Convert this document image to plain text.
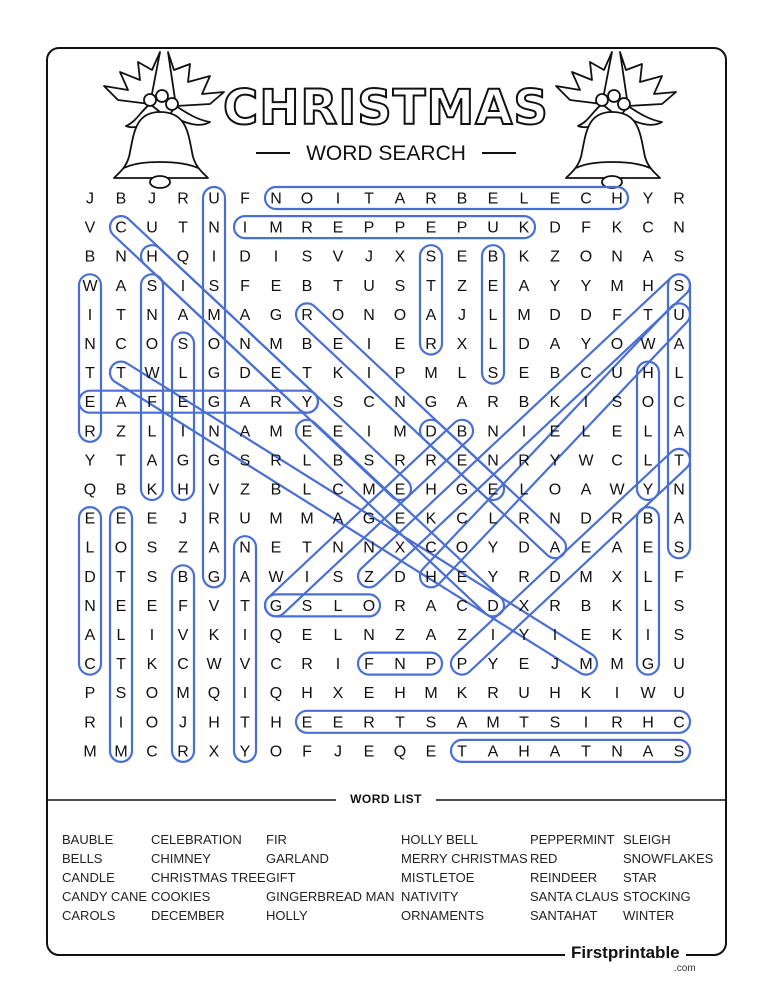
CHRISTMAS
WORD SEARCH
J B J R U F N O I T A R B E L E C H Y R
V C U T N I M R E P P E P U K D F K C N
B N H Q I D I S V J X S E B K Z O N A S
W A S I S F E B T U S T Z E A Y Y M H S
I T N A M A G R O N O A J L M D D F T U
N C O S O N M B E I E R X L D A Y O W A
T T W L G D E T K I P M L S E B C U H L
E A F E G A R Y S C N G A R B K I S O C
R Z L I N A M E E I M D B N I E L E L A
Y T A G G S R L B S R R E N R Y W C L T
Q B K H V Z B L C M E H G E L O A W Y N
E E E J R U M M A G E K C L R N D R B A
L O S Z A N E T N N X C O Y D A E A E S
D T S B G A W I S Z D H E Y R D M X L F
N E E F V T G S L O R A C D X R B K L S
A L I V K I Q E L N Z A Z I Y I E K I S
C T K C W V C R I F N P P Y E J M M G U
P S O M Q I Q H X E H M K R U H K I W U
R I O J H T H E E R T S A M T S I R H C
M M C R X Y O F J E Q E T A H A T N A S
WORD LIST
BAUBLE
BELLS
CANDLE
CANDY CANE
CAROLS
CELEBRATION
CHIMNEY
CHRISTMAS TREE
COOKIES
DECEMBER
FIR
GARLAND
GIFT
GINGERBREAD MAN
HOLLY
HOLLY BELL
MERRY CHRISTMAS
MISTLETOE
NATIVITY
ORNAMENTS
PEPPERMINT
RED
REINDEER
SANTA CLAUS
SANTAHAT
SLEIGH
SNOWFLAKES
STAR
STOCKING
WINTER
Firstprintable
.com
